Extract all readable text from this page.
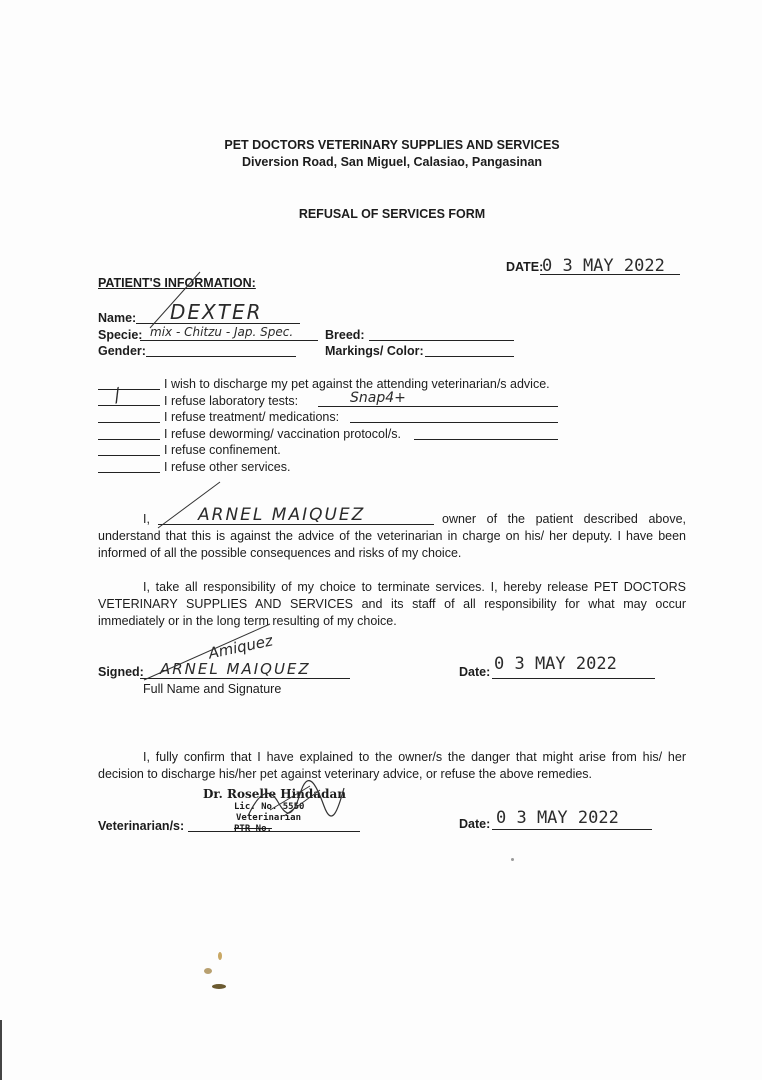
PET DOCTORS VETERINARY SUPPLIES AND SERVICES
Diversion Road, San Miguel, Calasiao, Pangasinan
REFUSAL OF SERVICES FORM
DATE:
0 3 MAY 2022
PATIENT'S INFORMATION:
Name: DEXTER
Specie: mix - Chitzu - Jap. Spec.	Breed:
Gender:	Markings/ Color:
I wish to discharge my pet against the attending veterinarian/s advice.
/	I refuse laboratory tests:	Snap4+
I refuse treatment/ medications:
I refuse deworming/ vaccination protocol/s.
I refuse confinement.
I refuse other services.
I,	ARNEL MAIQUEZ	owner of the patient described above,
understand that this is against the advice of the veterinarian in charge on his/ her deputy. I have been informed of all the possible consequences and risks of my choice.
I, take all responsibility of my choice to terminate services. I, hereby release PET DOCTORS VETERINARY SUPPLIES AND SERVICES and its staff of all responsibility for what may occur immediately or in the long term resulting of my choice.
Signed:
Amiquez
ARNEL MAIQUEZ
Full Name and Signature
Date: 0 3 MAY 2022
I, fully confirm that I have explained to the owner/s the danger that might arise from his/ her decision to discharge his/her pet against veterinary advice, or refuse the above remedies.
Dr. Roselle Hindadan
Lic. No. 5550
Veterinarian
PTR No.
Veterinarian/s:	Date: 0 3 MAY 2022
